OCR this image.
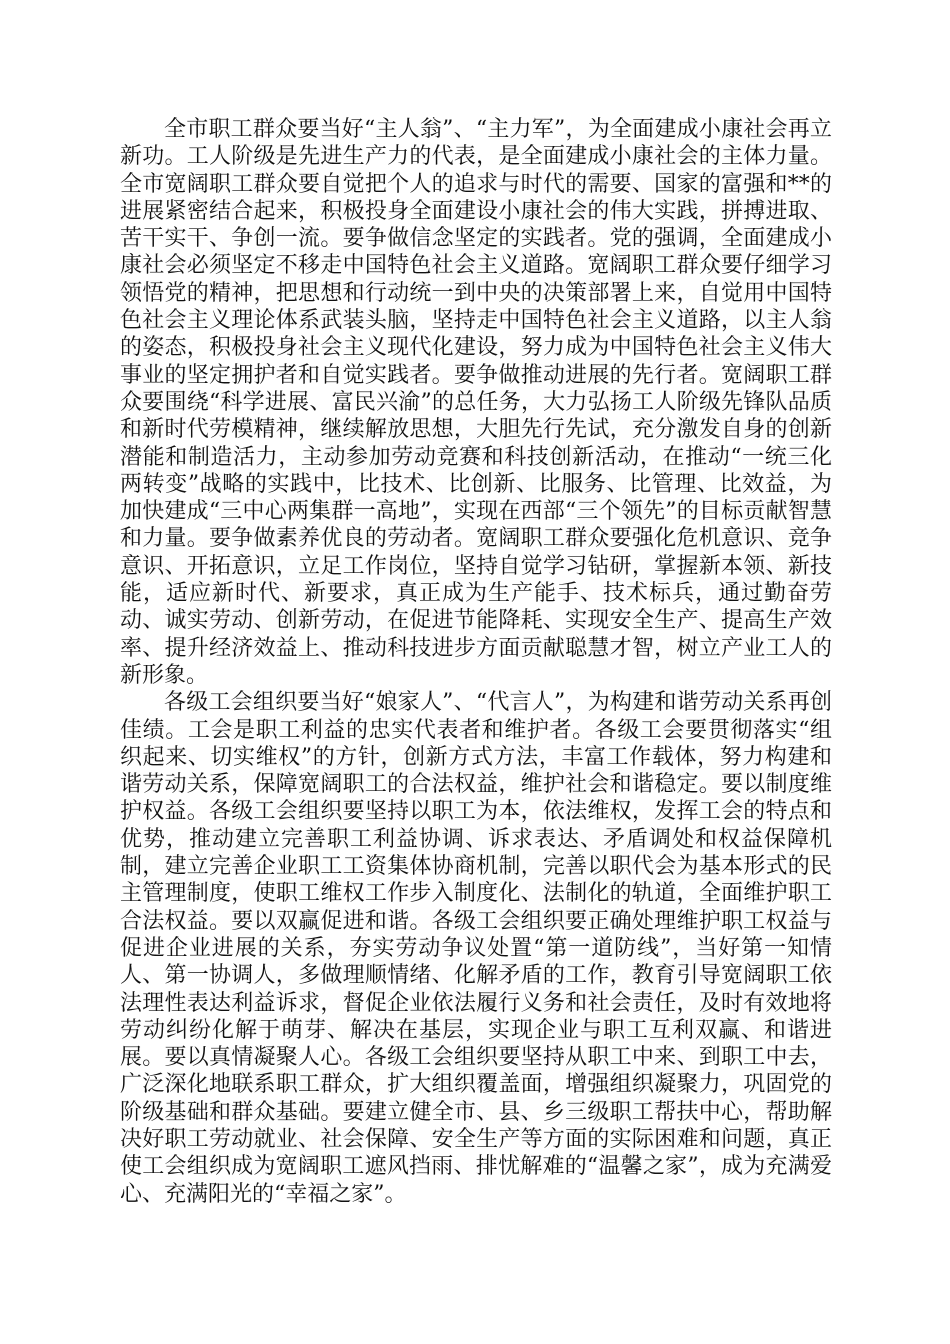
全市职工群众要当好“主人翁”、“主力军”，为全面建成小康社会再立新功。工人阶级是先进生产力的代表，是全面建成小康社会的主体力量。全市宽阔职工群众要自觉把个人的追求与时代的需要、国家的富强和**的进展紧密结合起来，积极投身全面建设小康社会的伟大实践，拼搏进取、苦干实干、争创一流。要争做信念坚定的实践者。党的强调，全面建成小康社会必须坚定不移走中国特色社会主义道路。宽阔职工群众要仔细学习领悟党的精神，把思想和行动统一到中央的决策部署上来，自觉用中国特色社会主义理论体系武装头脑，坚持走中国特色社会主义道路，以主人翁的姿态，积极投身社会主义现代化建设，努力成为中国特色社会主义伟大事业的坚定拥护者和自觉实践者。要争做推动进展的先行者。宽阔职工群众要围绕“科学进展、富民兴渝”的总任务，大力弘扬工人阶级先锋队品质和新时代劳模精神，继续解放思想，大胆先行先试，充分激发自身的创新潜能和制造活力，主动参加劳动竞赛和科技创新活动，在推动“一统三化两转变”战略的实践中，比技术、比创新、比服务、比管理、比效益，为加快建成“三中心两集群一高地”，实现在西部“三个领先”的目标贡献智慧和力量。要争做素养优良的劳动者。宽阔职工群众要强化危机意识、竞争意识、开拓意识，立足工作岗位，坚持自觉学习钻研，掌握新本领、新技能，适应新时代、新要求，真正成为生产能手、技术标兵，通过勤奋劳动、诚实劳动、创新劳动，在促进节能降耗、实现安全生产、提高生产效率、提升经济效益上、推动科技进步方面贡献聪慧才智，树立产业工人的新形象。

各级工会组织要当好“娘家人”、“代言人”，为构建和谐劳动关系再创佳绩。工会是职工利益的忠实代表者和维护者。各级工会要贯彻落实“组织起来、切实维权”的方针，创新方式方法，丰富工作载体，努力构建和谐劳动关系，保障宽阔职工的合法权益，维护社会和谐稳定。要以制度维护权益。各级工会组织要坚持以职工为本，依法维权，发挥工会的特点和优势，推动建立完善职工利益协调、诉求表达、矛盾调处和权益保障机制，建立完善企业职工工资集体协商机制，完善以职代会为基本形式的民主管理制度，使职工维权工作步入制度化、法制化的轨道，全面维护职工合法权益。要以双赢促进和谐。各级工会组织要正确处理维护职工权益与促进企业进展的关系，夯实劳动争议处置“第一道防线”，当好第一知情人、第一协调人，多做理顺情绪、化解矛盾的工作，教育引导宽阔职工依法理性表达利益诉求，督促企业依法履行义务和社会责任，及时有效地将劳动纠纷化解于萌芽、解决在基层，实现企业与职工互利双赢、和谐进展。要以真情凝聚人心。各级工会组织要坚持从职工中来、到职工中去，广泛深化地联系职工群众，扩大组织覆盖面，增强组织凝聚力，巩固党的阶级基础和群众基础。要建立健全市、县、乡三级职工帮扶中心，帮助解决好职工劳动就业、社会保障、安全生产等方面的实际困难和问题，真正使工会组织成为宽阔职工遮风挡雨、排忧解难的“温馨之家”，成为充满爱心、充满阳光的“幸福之家”。
